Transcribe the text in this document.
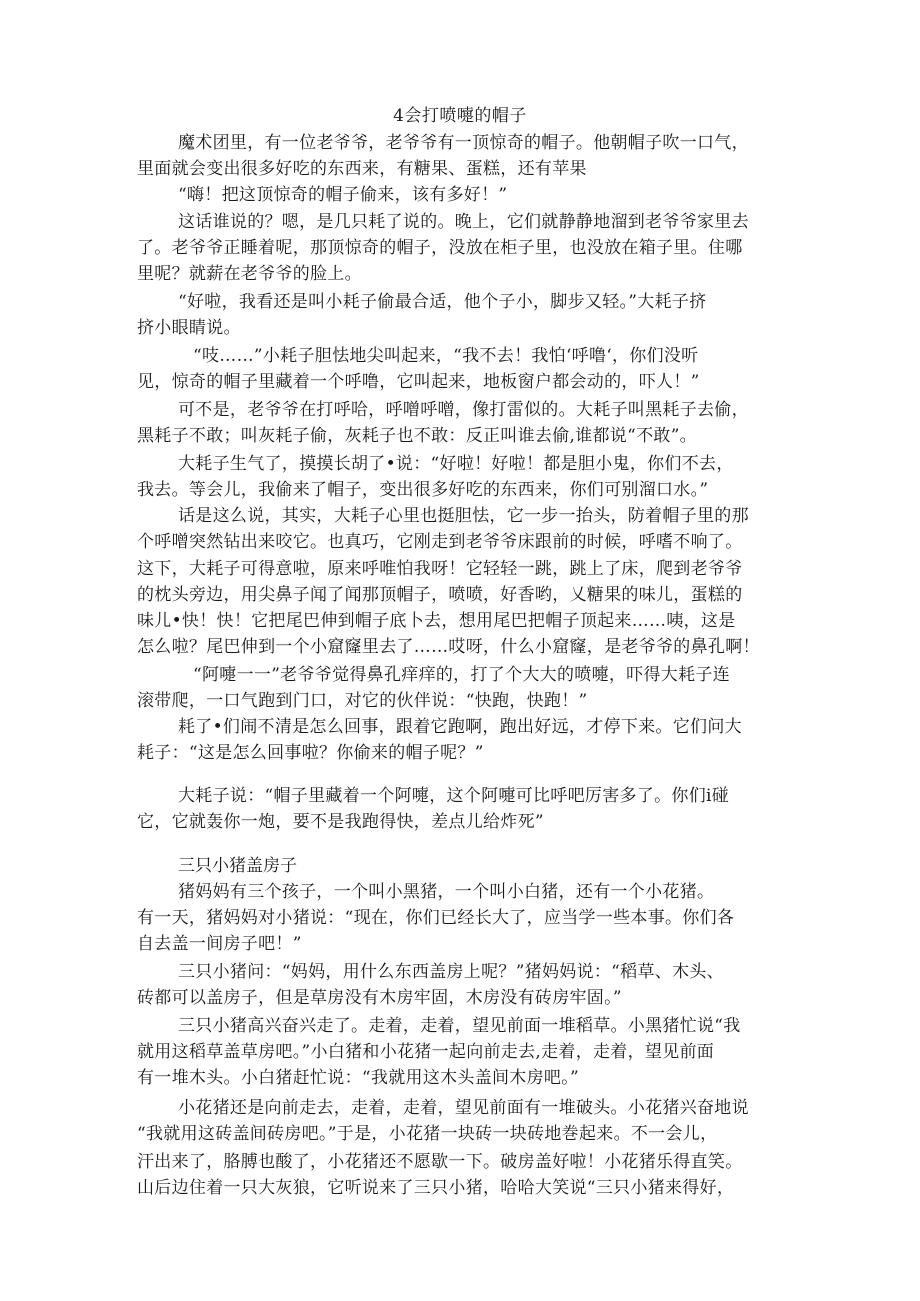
4会打喷嚏的帽子
魔术团里，有一位老爷爷，老爷爷有一顶惊奇的帽子。他朝帽子吹一口气，
里面就会变出很多好吃的东西来，有糖果、蛋糕，还有苹果
“嗨！把这顶惊奇的帽子偷来，该有多好！”
这话谁说的？嗯，是几只耗了说的。晚上，它们就静静地溜到老爷爷家里去
了。老爷爷正睡着呢，那顶惊奇的帽子，没放在柜子里，也没放在箱子里。住哪
里呢？就薪在老爷爷的脸上。
“好啦，我看还是叫小耗子偷最合适，他个子小，脚步又轻。”大耗子挤
挤小眼睛说。
“吱……”小耗子胆怯地尖叫起来，“我不去！我怕‘呼噜‘，你们没听
见，惊奇的帽子里藏着一个呼噜，它叫起来，地板窗户都会动的，吓人！”
可不是，老爷爷在打呼哈，呼噌呼噌，像打雷似的。大耗子叫黑耗子去偷，
黑耗子不敢；叫灰耗子偷，灰耗子也不敢：反正叫谁去偷,谁都说“不敢”。
大耗子生气了，摸摸长胡了•说：“好啦！好啦！都是胆小鬼，你们不去，
我去。等会儿，我偷来了帽子，变出很多好吃的东西来，你们可别溜口水。”
话是这么说，其实，大耗子心里也挺胆怯，它一步一抬头，防着帽子里的那
个呼噌突然钻出来咬它。也真巧，它刚走到老爷爷床跟前的时候，呼嗜不响了。
这下，大耗子可得意啦，原来呼唯怕我呀！它轻轻一跳，跳上了床，爬到老爷爷
的枕头旁边，用尖鼻子闻了闻那顶帽子，喷喷，好香哟，乂糖果的味儿，蛋糕的
味儿•快！快！它把尾巴伸到帽子底卜去，想用尾巴把帽子顶起来……咦，这是
怎么啦？尾巴伸到一个小窟窿里去了……哎呀，什么小窟窿，是老爷爷的鼻孔啊！
“阿嚏一一”老爷爷觉得鼻孔痒痒的，打了个大大的喷嚏，吓得大耗子连
滚带爬，一口气跑到门口，对它的伙伴说：“快跑，快跑！”
耗了•们闹不清是怎么回事，跟着它跑啊，跑出好远，才停下来。它们问大
耗子：“这是怎么回事啦？你偷来的帽子呢？”
大耗子说：“帽子里藏着一个阿嚏，这个阿嚏可比呼吧厉害多了。你们i碰
它，它就轰你一炮，要不是我跑得快，差点儿给炸死”
三只小猪盖房子
猪妈妈有三个孩子，一个叫小黑猪，一个叫小白猪，还有一个小花猪。
有一天，猪妈妈对小猪说：“现在，你们已经长大了，应当学一些本事。你们各
自去盖一间房子吧！”
三只小猪问：“妈妈，用什么东西盖房上呢？”猪妈妈说：“稻草、木头、
砖都可以盖房子，但是草房没有木房牢固，木房没有砖房牢固。”
三只小猪高兴奋兴走了。走着，走着，望见前面一堆稻草。小黑猪忙说“我
就用这稻草盖草房吧。”小白猪和小花猪一起向前走去,走着，走着，望见前面
有一堆木头。小白猪赶忙说：“我就用这木头盖间木房吧。”
小花猪还是向前走去，走着，走着，望见前面有一堆破头。小花猪兴奋地说
“我就用这砖盖间砖房吧。”于是，小花猪一块砖一块砖地巻起来。不一会儿，
汗出来了，胳膊也酸了，小花猪还不愿歇一下。破房盖好啦！小花猪乐得直笑。
山后边住着一只大灰狼，它听说来了三只小猪，哈哈大笑说“三只小猪来得好，
